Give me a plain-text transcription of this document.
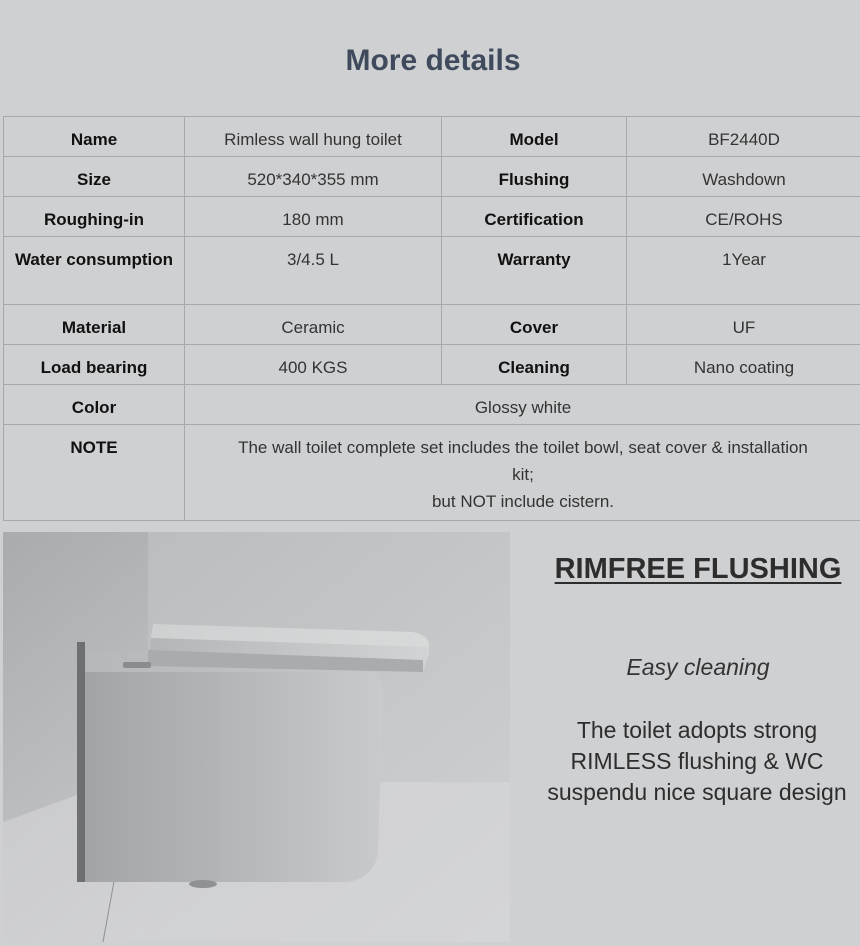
More details
Name	Rimless wall hung toilet	Model	BF2440D
Size	520*340*355 mm	Flushing	Washdown
Roughing-in	180 mm	Certification	CE/ROHS
Water consumption	3/4.5 L	Warranty	1Year
Material	Ceramic	Cover	UF
Load bearing	400 KGS	Cleaning	Nano coating
Color	Glossy white		
NOTE	The wall toilet complete set includes the toilet bowl, seat cover & installation kit;
but NOT include cistern.		
RIMFREE FLUSHING
Easy cleaning
The toilet adopts strong RIMLESS flushing & WC suspendu nice square design
